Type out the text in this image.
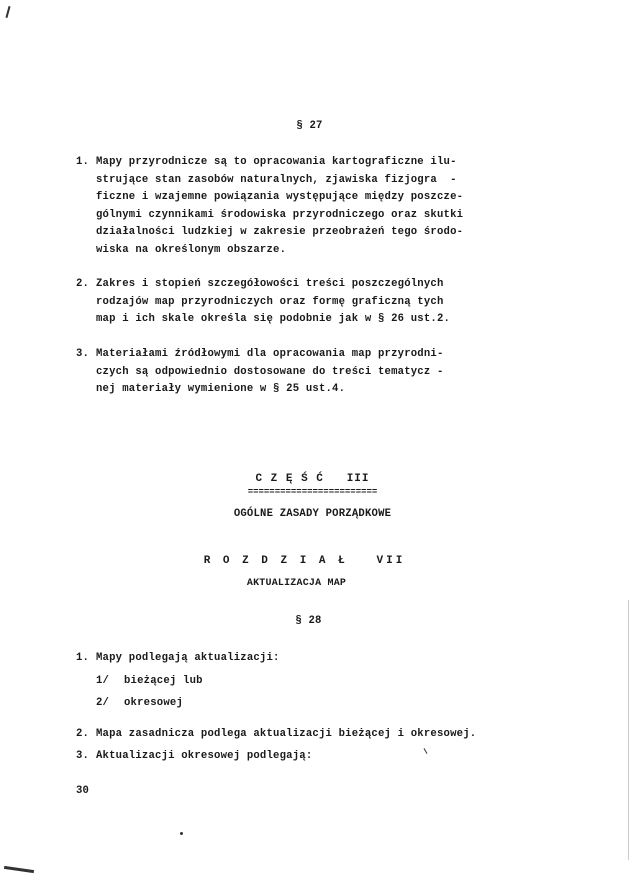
§ 27
1. Mapy przyrodnicze są to opracowania kartograficzne ilu-
strujące stan zasobów naturalnych, zjawiska fizjogra  -
ficzne i wzajemne powiązania występujące między poszcze-
gólnymi czynnikami środowiska przyrodniczego oraz skutki
działalności ludzkiej w zakresie przeobrażeń tego środo-
wiska na określonym obszarze.
2. Zakres i stopień szczegółowości treści poszczególnych
rodzajów map przyrodniczych oraz formę graficzną tych
map i ich skale określa się podobnie jak w § 26 ust.2.
3. Materiałami źródłowymi dla opracowania map przyrodni-
czych są odpowiednio dostosowane do treści tematycz -
nej materiały wymienione w § 25 ust.4.
C Z Ę Ś Ć   III
========================
OGÓLNE ZASADY PORZĄDKOWE
R O Z D Z I A Ł   VII
AKTUALIZACJA MAP
§ 28
1. Mapy podlegają aktualizacji:
1/ bieżącej lub
2/ okresowej
2. Mapa zasadnicza podlega aktualizacji bieżącej i okresowej.
3. Aktualizacji okresowej podlegają:
30
